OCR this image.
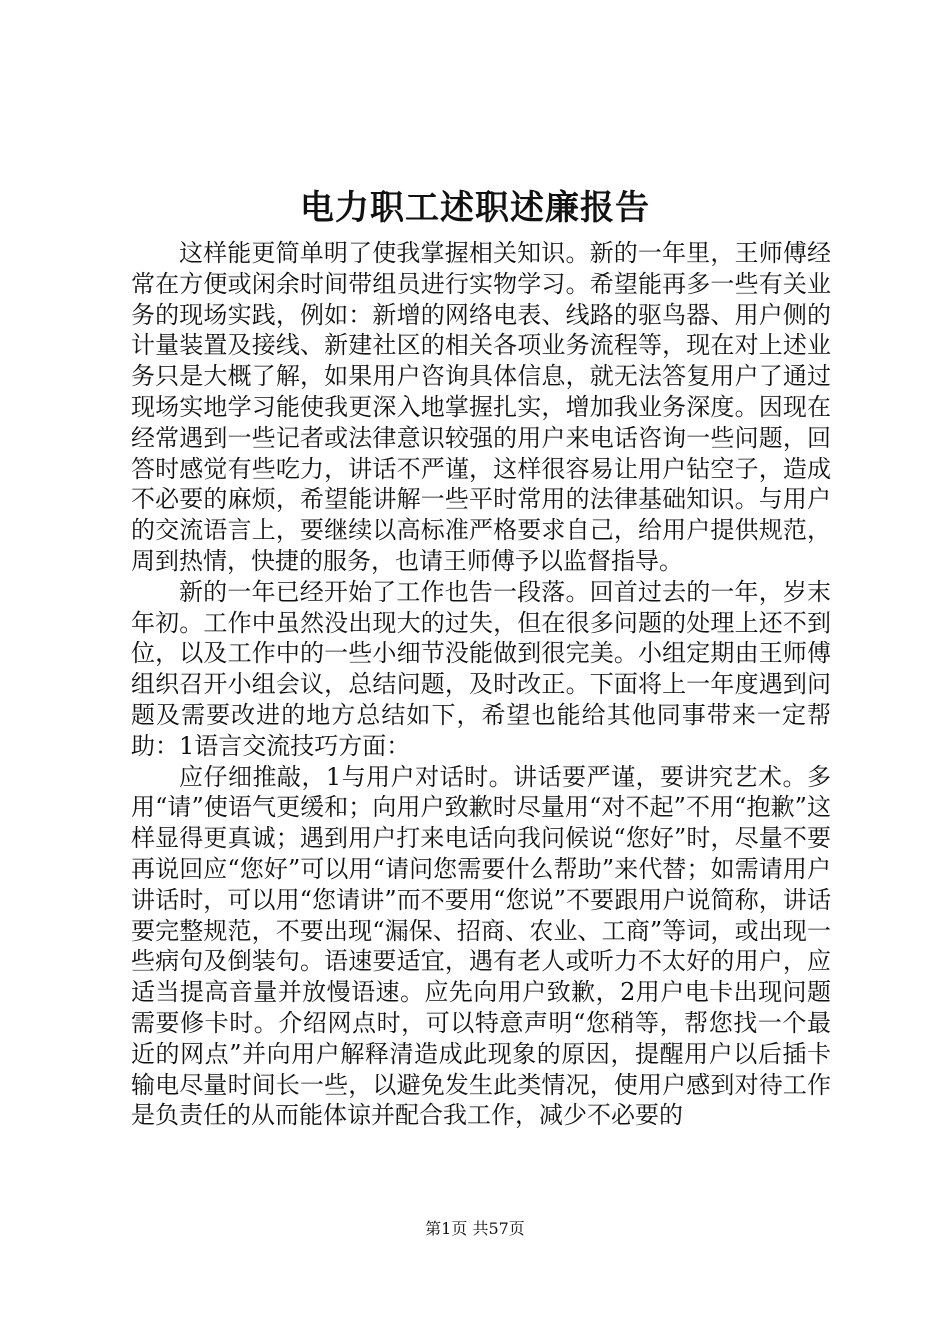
电力职工述职述廉报告

这样能更简单明了使我掌握相关知识。新的一年里，王师傅经常在方便或闲余时间带组员进行实物学习。希望能再多一些有关业务的现场实践，例如：新增的网络电表、线路的驱鸟器、用户侧的计量装置及接线、新建社区的相关各项业务流程等，现在对上述业务只是大概了解，如果用户咨询具体信息，就无法答复用户了通过现场实地学习能使我更深入地掌握扎实，增加我业务深度。因现在经常遇到一些记者或法律意识较强的用户来电话咨询一些问题，回答时感觉有些吃力，讲话不严谨，这样很容易让用户钻空子，造成不必要的麻烦，希望能讲解一些平时常用的法律基础知识。与用户的交流语言上，要继续以高标准严格要求自己，给用户提供规范，周到热情，快捷的服务，也请王师傅予以监督指导。

新的一年已经开始了工作也告一段落。回首过去的一年，岁末年初。工作中虽然没出现大的过失，但在很多问题的处理上还不到位，以及工作中的一些小细节没能做到很完美。小组定期由王师傅组织召开小组会议，总结问题，及时改正。下面将上一年度遇到问题及需要改进的地方总结如下，希望也能给其他同事带来一定帮助：1语言交流技巧方面：

应仔细推敲，1与用户对话时。讲话要严谨，要讲究艺术。多用“请”使语气更缓和；向用户致歉时尽量用“对不起”不用“抱歉”这样显得更真诚；遇到用户打来电话向我问候说“您好”时，尽量不要再说回应“您好”可以用“请问您需要什么帮助”来代替；如需请用户讲话时，可以用“您请讲”而不要用“您说”不要跟用户说简称，讲话要完整规范，不要出现“漏保、招商、农业、工商”等词，或出现一些病句及倒装句。语速要适宜，遇有老人或听力不太好的用户，应适当提高音量并放慢语速。应先向用户致歉，2用户电卡出现问题需要修卡时。介绍网点时，可以特意声明“您稍等，帮您找一个最近的网点”并向用户解释清造成此现象的原因，提醒用户以后插卡输电尽量时间长一些，以避免发生此类情况，使用户感到对待工作是负责任的从而能体谅并配合我工作，减少不必要的

第1页 共57页
